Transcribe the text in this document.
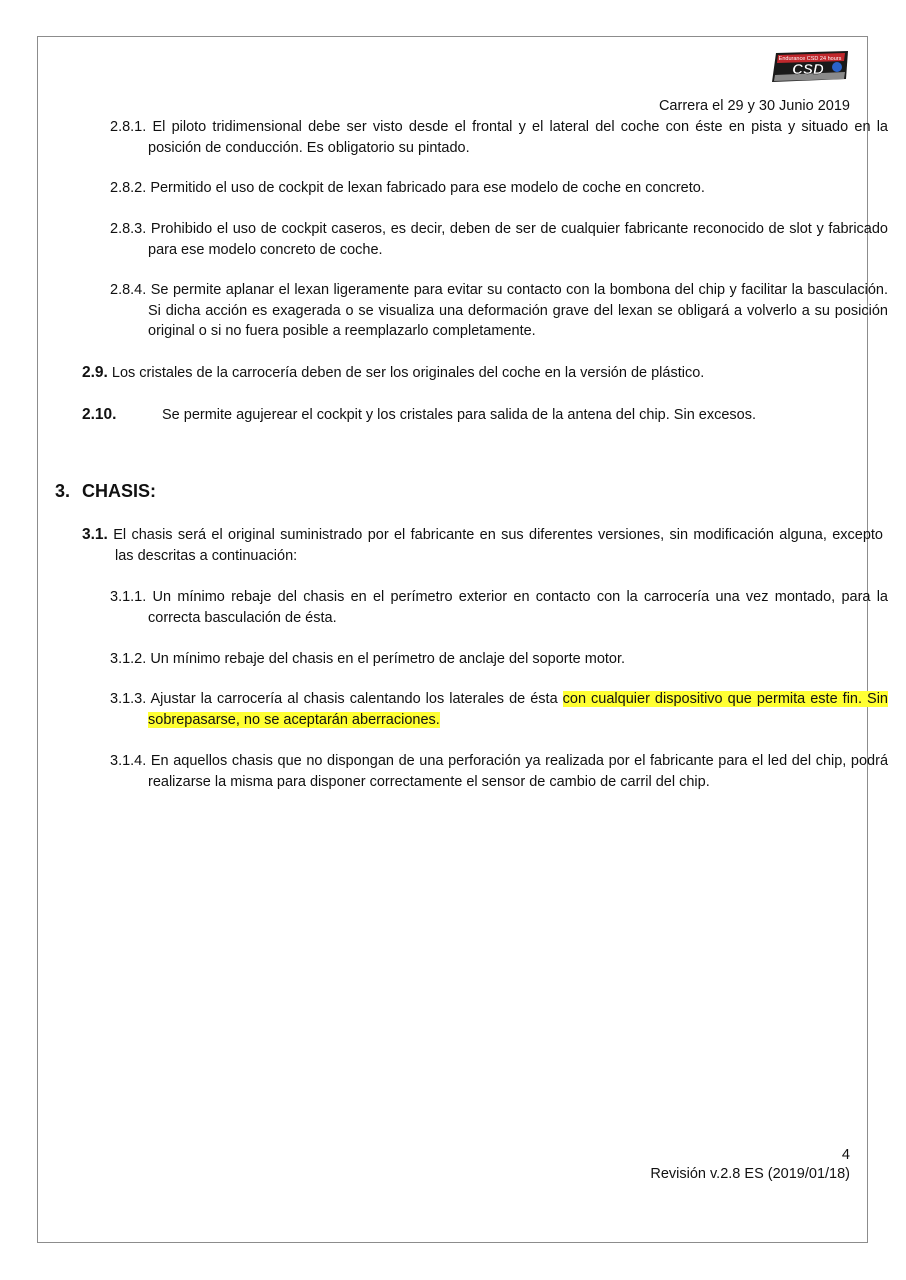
Endurance CSD 24 hours
CSD
Carrera el 29 y 30 Junio 2019
2.8.1. El piloto tridimensional debe ser visto desde el frontal y el lateral del coche con éste en pista y situado en la posición de conducción. Es obligatorio su pintado.
2.8.2. Permitido el uso de cockpit de lexan fabricado para ese modelo de coche en concreto.
2.8.3. Prohibido el uso de cockpit caseros, es decir, deben de ser de cualquier fabricante reconocido de slot y fabricado para ese modelo concreto de coche.
2.8.4. Se permite aplanar el lexan ligeramente para evitar su contacto con la bombona del chip y facilitar la basculación. Si dicha acción es exagerada o se visualiza una deformación grave del lexan se obligará a volverlo a su posición original o si no fuera posible a reemplazarlo completamente.
2.9. Los cristales de la carrocería deben de ser los originales del coche en la versión de plástico.
2.10.	Se permite agujerear el cockpit y los cristales para salida de la antena del chip. Sin excesos.
3. CHASIS:
3.1. El chasis será el original suministrado por el fabricante en sus diferentes versiones, sin modificación alguna, excepto las descritas a continuación:
3.1.1. Un mínimo rebaje del chasis en el perímetro exterior en contacto con la carrocería una vez montado, para la correcta basculación de ésta.
3.1.2. Un mínimo rebaje del chasis en el perímetro de anclaje del soporte motor.
3.1.3. Ajustar la carrocería al chasis calentando los laterales de ésta con cualquier dispositivo que permita este fin. Sin sobrepasarse, no se aceptarán aberraciones.
3.1.4. En aquellos chasis que no dispongan de una perforación ya realizada por el fabricante para el led del chip, podrá realizarse la misma para disponer correctamente el sensor de cambio de carril del chip.
4
Revisión v.2.8 ES (2019/01/18)
